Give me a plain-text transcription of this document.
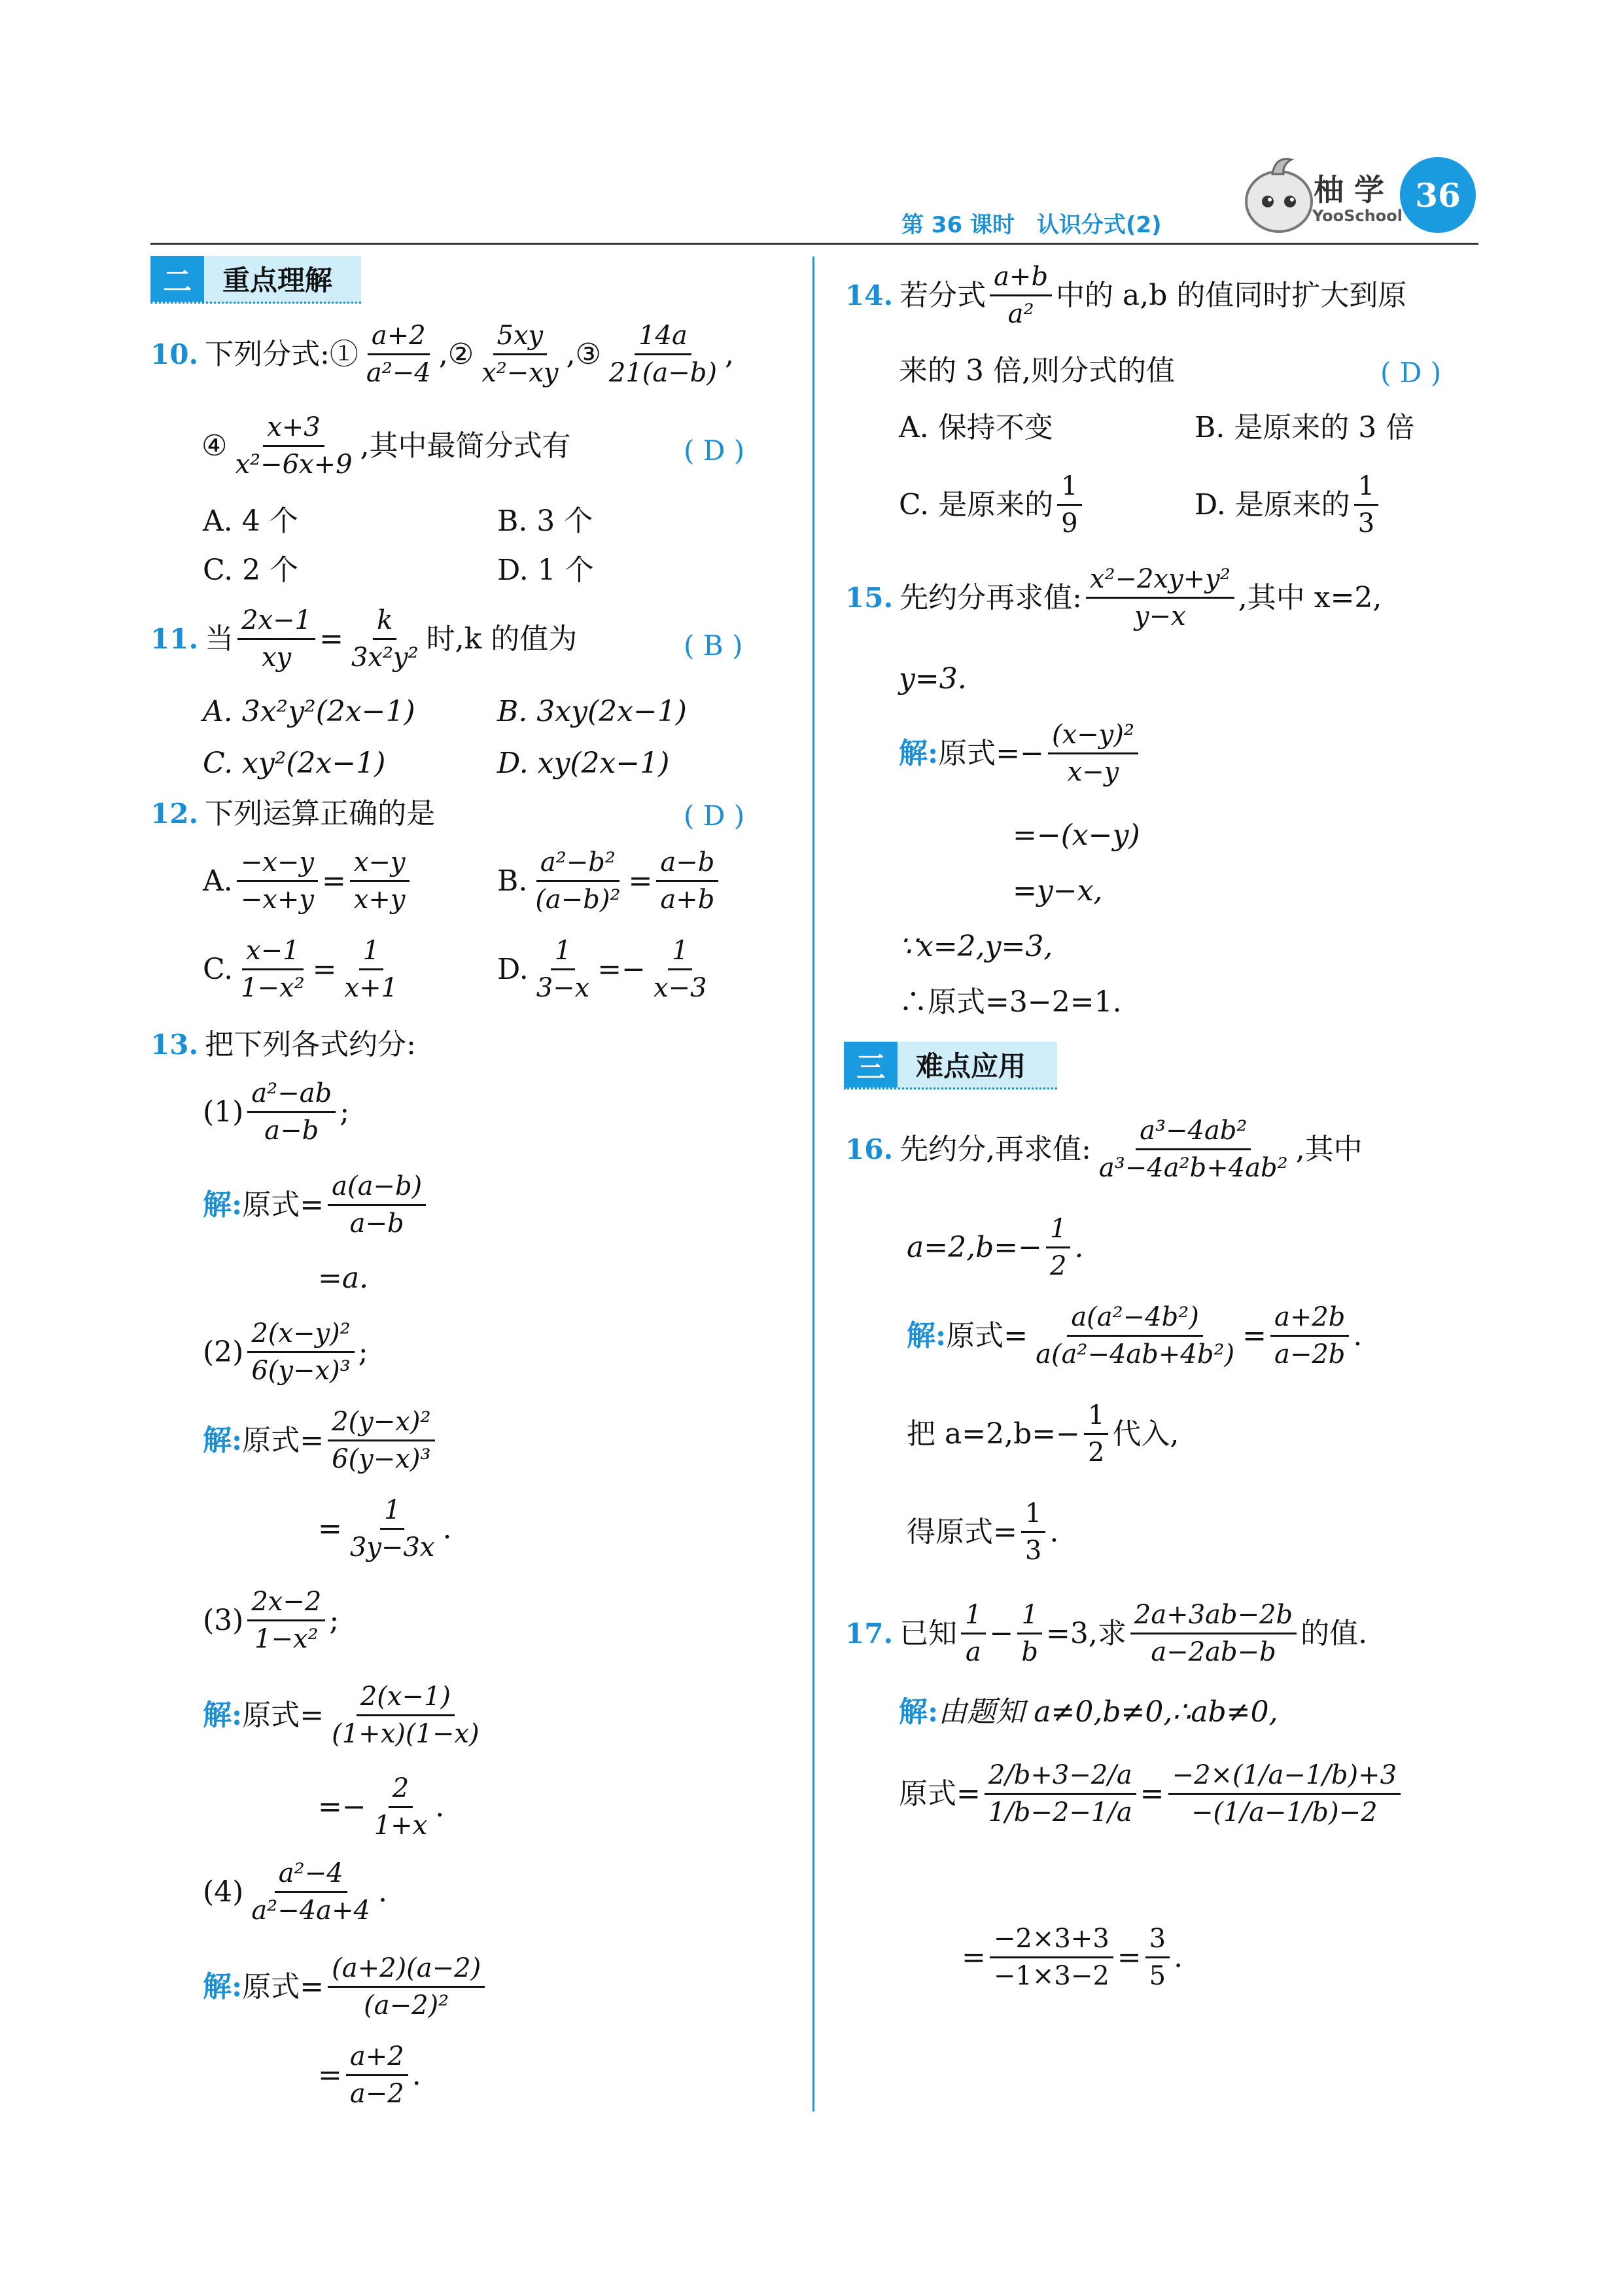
第 36 课时　认识分式(2)
柚 学
YooSchool
36
二	重点理解
10. 下列分式:① $\frac{a+2}{\text{a²−4}}$ ,② $\frac{5xy}{\text{x²−xy}}$ ,③ $\frac{14a}{21(a-b)}$ ,
④ $\frac{x+3}{\text{x²−6x+9}}$ ,其中最简分式有	( D )
A. 4 个	B. 3 个
C. 2 个	D. 1 个
11. 当 $\frac{2x-1}{xy} = \frac{k}{\text{3x²y²}}$ 时,k 的值为	( B )
A. 3x²y²(2x−1)	B. 3xy(2x−1)
C. xy²(2x−1)	D. xy(2x−1)
12. 下列运算正确的是	( D )
A. $\frac{-x-y}{-x+y} = \frac{x-y}{x+y}$	B. $\frac{\text{a²−b²}}{\text{(a−b)²}} = \frac{a-b}{a+b}$
C. $\frac{x-1}{\text{1−x²}} = \frac{1}{x+1}$	D. $\frac{1}{3-x} =- \frac{1}{x-3}$
13. 把下列各式约分:
$(1) \frac{\text{a²−ab}}{a-b}$ ;
解: 原式= $\frac{a(a-b)}{a-b}$
=a.
$(2) \frac{\text{2(x−y)²}}{\text{6(y−x)³}}$ ;
解: 原式= $\frac{\text{2(y−x)²}}{\text{6(y−x)³}}$
= $\frac{1}{3y-3x}$ .
$(3) \frac{2x-2}{\text{1−x²}}$ ;
解: 原式= $\frac{2(x-1)}{(1+x)(1-x)}$
=− $\frac{2}{1+x}$ .
$(4) \frac{\text{a²−4}}{\text{a²−4a+4}}$ .
解: 原式= $\frac{(a+2)(a-2)}{\text{(a−2)²}}$
= $\frac{a+2}{a-2}$ .
14. 若分式 $\frac{a+b}{\text{a²}}$ 中的 a,b 的值同时扩大到原
来的 3 倍,则分式的值	( D )
A. 保持不变	B. 是原来的 3 倍
C. 是原来的 $\frac{1}{9}$	D. 是原来的 $\frac{1}{3}$
15. 先约分再求值: $\frac{\text{x²−2xy+y²}}{y-x}$ ,其中 x=2,
y=3.
解: 原式=− $\frac{\text{(x−y)²}}{x-y}$
=−(x−y)
=y−x,
∵x=2,y=3,
∴原式=3−2=1.
三	难点应用
16. 先约分,再求值: $\frac{\text{a³−4ab²}}{\text{a³−4a²b+4ab²}}$ ,其中
$a=2,b=- \frac{1}{2}$ .
解: 原式= $\frac{\text{a(a²−4b²)}}{\text{a(a²−4ab+4b²)}} = \frac{a+2b}{a-2b}$ .
把 $a=2,b=- \frac{1}{2}$ 代入,
得原式= $\frac{1}{3}$ .
17. 已知 $\frac{1}{a} - \frac{1}{b} =3$,求 $\frac{2a+3ab-2b}{a-2ab-b}$ 的值.
解:由题知 a≠0,b≠0,∴ab≠0,
原式= $\frac{2/b+3-2/a}{1/b-2-1/a} = \frac{-2\times(1/a-1/b)+3}{-(1/a-1/b)-2}$
= $\frac{-2\times 3+3}{-1\times 3-2} = \frac{3}{5}$ .
